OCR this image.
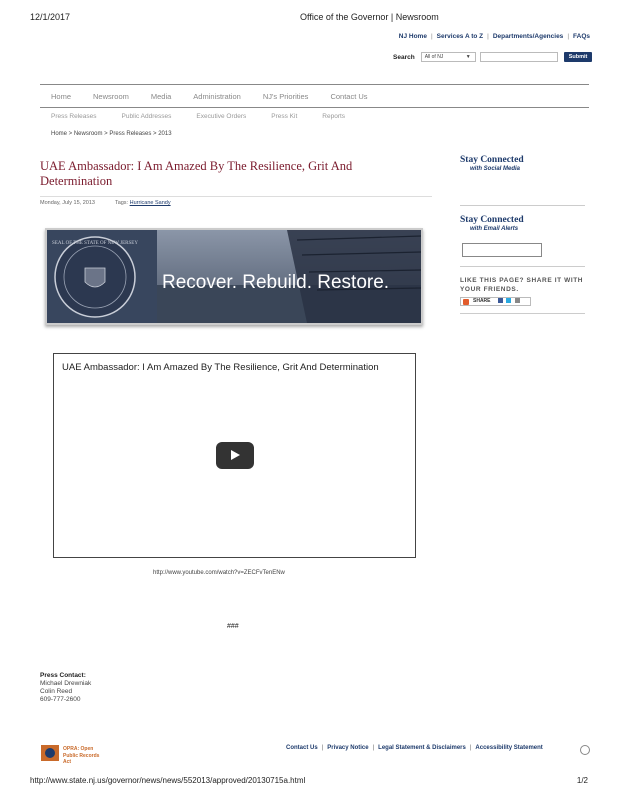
12/1/2017	Office of the Governor | Newsroom
NJ Home | Services A to Z | Departments/Agencies | FAQs
Search	All of NJ	▼	Submit
Home	Newsroom	Media	Administration	NJ's Priorities	Contact Us
Press Releases	Public Addresses	Executive Orders	Press Kit	Reports
Home > Newsroom > Press Releases > 2013
UAE Ambassador: I Am Amazed By The Resilience, Grit And Determination
Monday, July 15, 2013	Tags: Hurricane Sandy
SEAL OF THE STATE OF NEW JERSEY
Recover. Rebuild. Restore.
UAE Ambassador: I Am Amazed By The Resilience, Grit And Determination
http://www.youtube.com/watch?v=ZECFvTenENw
###
Press Contact:
Michael Drewniak
Colin Reed
609-777-2600
Stay Connected
with Social Media
Stay Connected
with Email Alerts
LIKE THIS PAGE? SHARE IT WITH YOUR FRIENDS.
SHARE
OPRA: Open
Public Records Act
Contact Us | Privacy Notice | Legal Statement & Disclaimers | Accessibility Statement
http://www.state.nj.us/governor/news/news/552013/approved/20130715a.html	1/2
